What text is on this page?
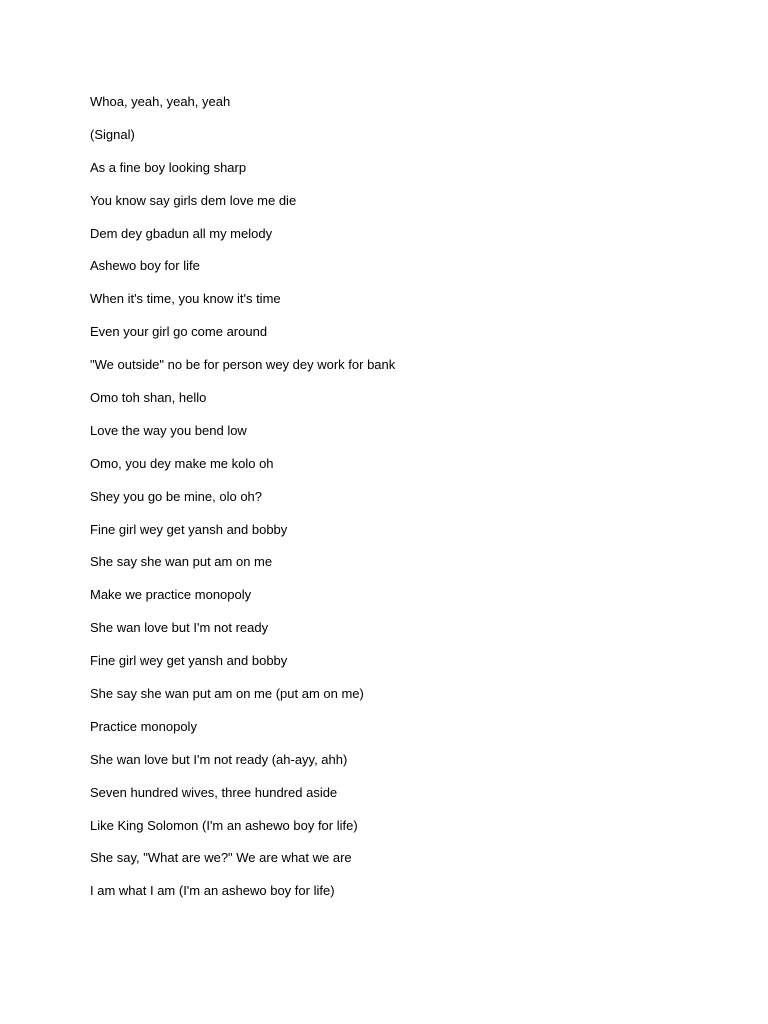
Whoa, yeah, yeah, yeah
(Signal)
As a fine boy looking sharp
You know say girls dem love me die
Dem dey gbadun all my melody
Ashewo boy for life
When it's time, you know it's time
Even your girl go come around
"We outside" no be for person wey dey work for bank
Omo toh shan, hello
Love the way you bend low
Omo, you dey make me kolo oh
Shey you go be mine, olo oh?
Fine girl wey get yansh and bobby
She say she wan put am on me
Make we practice monopoly
She wan love but I'm not ready
Fine girl wey get yansh and bobby
She say she wan put am on me (put am on me)
Practice monopoly
She wan love but I'm not ready (ah-ayy, ahh)
Seven hundred wives, three hundred aside
Like King Solomon (I'm an ashewo boy for life)
She say, "What are we?" We are what we are
I am what I am (I'm an ashewo boy for life)
